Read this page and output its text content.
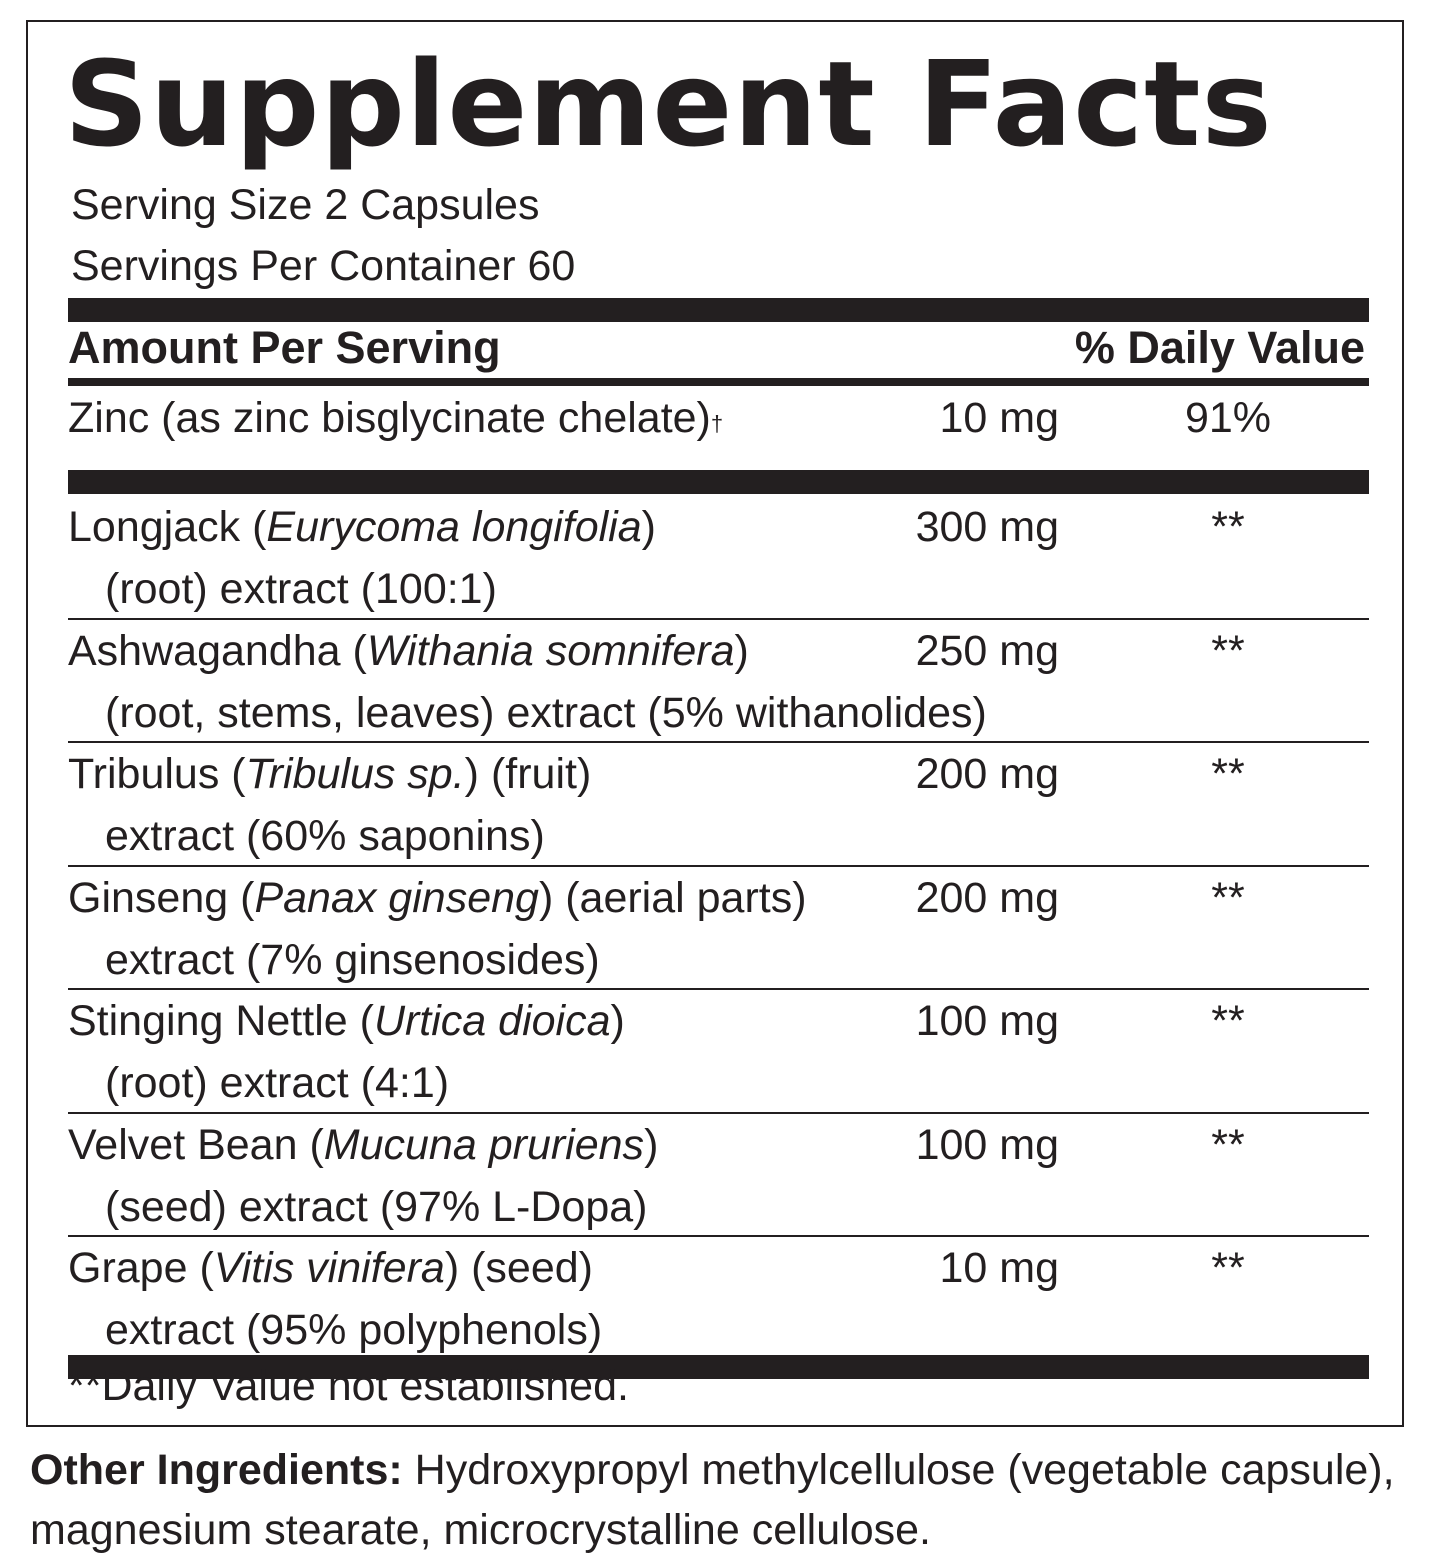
Supplement Facts
Serving Size 2 Capsules
Servings Per Container 60
Amount Per Serving	% Daily Value
Zinc (as zinc bisglycinate chelate)†	10 mg	91%
Longjack (Eurycoma longifolia)
(root) extract (100:1)
300 mg	**
Ashwagandha (Withania somnifera)
(root, stems, leaves) extract (5% withanolides)
250 mg	**
Tribulus (Tribulus sp.) (fruit)
extract (60% saponins)
200 mg	**
Ginseng (Panax ginseng) (aerial parts)
extract (7% ginsenosides)
200 mg	**
Stinging Nettle (Urtica dioica)
(root) extract (4:1)
100 mg	**
Velvet Bean (Mucuna pruriens)
(seed) extract (97% L-Dopa)
100 mg	**
Grape (Vitis vinifera) (seed)
extract (95% polyphenols)
10 mg	**
**Daily Value not established.
Other Ingredients: Hydroxypropyl methylcellulose (vegetable capsule), magnesium stearate, microcrystalline cellulose.
